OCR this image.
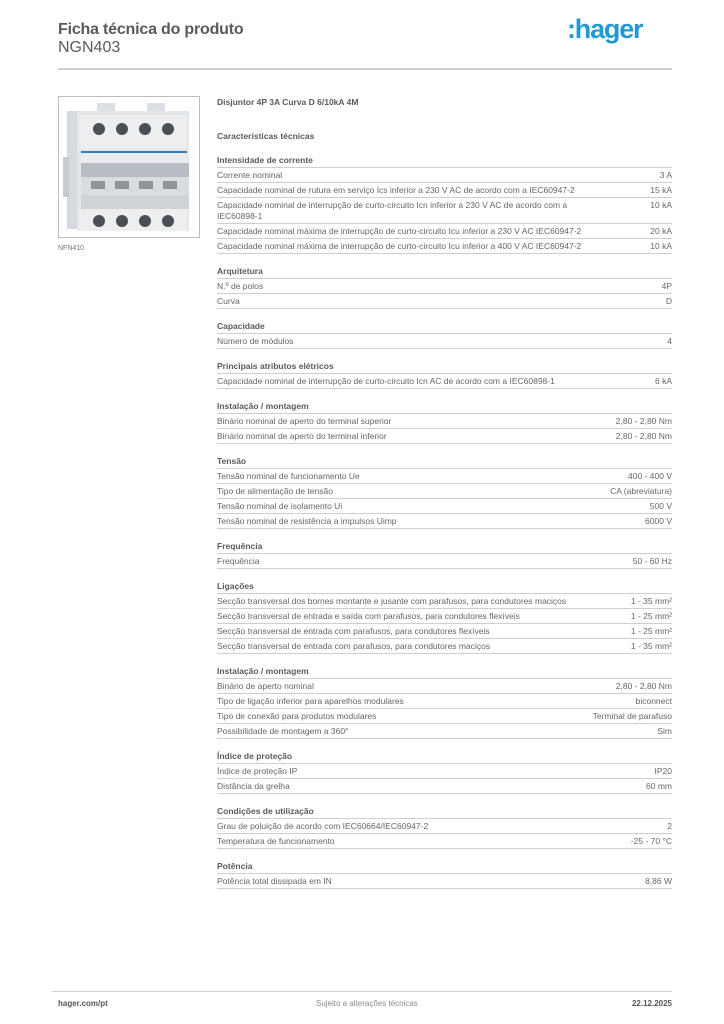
Ficha técnica do produto
NGN403
:hager
NFN410
Disjuntor 4P 3A Curva D 6/10kA 4M
Características técnicas
Intensidade de corrente
Corrente nominal	3 A
Capacidade nominal de rutura em serviço Ics inferior a 230 V AC de acordo com a IEC60947-2	15 kA
Capacidade nominal de interrupção de curto-circuito Icn inferior a 230 V AC de acordo com a IEC60898-1
10 kA
Capacidade nominal máxima de interrupção de curto-circuito Icu inferior a 230 V AC IEC60947-2	20 kA
Capacidade nominal máxima de interrupção de curto-circuito Icu inferior a 400 V AC IEC60947-2	10 kA
Arquitetura
N.º de polos	4P
Curva	D
Capacidade
Número de módulos	4
Principais atributos elétricos
Capacidade nominal de interrupção de curto-circuito Icn AC de acordo com a IEC60898-1	6 kA
Instalação / montagem
Binário nominal de aperto do terminal superior	2,80 - 2,80 Nm
Binário nominal de aperto do terminal inferior	2,80 - 2,80 Nm
Tensão
Tensão nominal de funcionamento Ue	400 - 400 V
Tipo de alimentação de tensão	CA (abreviatura)
Tensão nominal de isolamento Ui	500 V
Tensão nominal de resistência a impulsos Uimp	6000 V
Frequência
Frequência	50 - 60 Hz
Ligações
Secção transversal dos bornes montante e jusante com parafusos, para condutores maciços	1 - 35 mm²
Secção transversal de entrada e saída com parafusos, para condutores flexíveis	1 - 25 mm²
Secção transversal de entrada com parafusos, para condutores flexíveis	1 - 25 mm²
Secção transversal de entrada com parafusos, para condutores maciços	1 - 35 mm²
Instalação / montagem
Binário de aperto nominal	2,80 - 2,80 Nm
Tipo de ligação inferior para aparelhos modulares	biconnect
Tipo de conexão para produtos modulares	Terminal de parafuso
Possibilidade de montagem a 360°	Sim
Índice de proteção
Índice de proteção IP	IP20
Distância da grelha	60 mm
Condições de utilização
Grau de poluição de acordo com IEC60664/IEC60947-2	2
Temperatura de funcionamento	-25 - 70 °C
Potência
Potência total dissipada em IN	8,86 W
hager.com/pt	Sujeito a alterações técnicas	22.12.2025
